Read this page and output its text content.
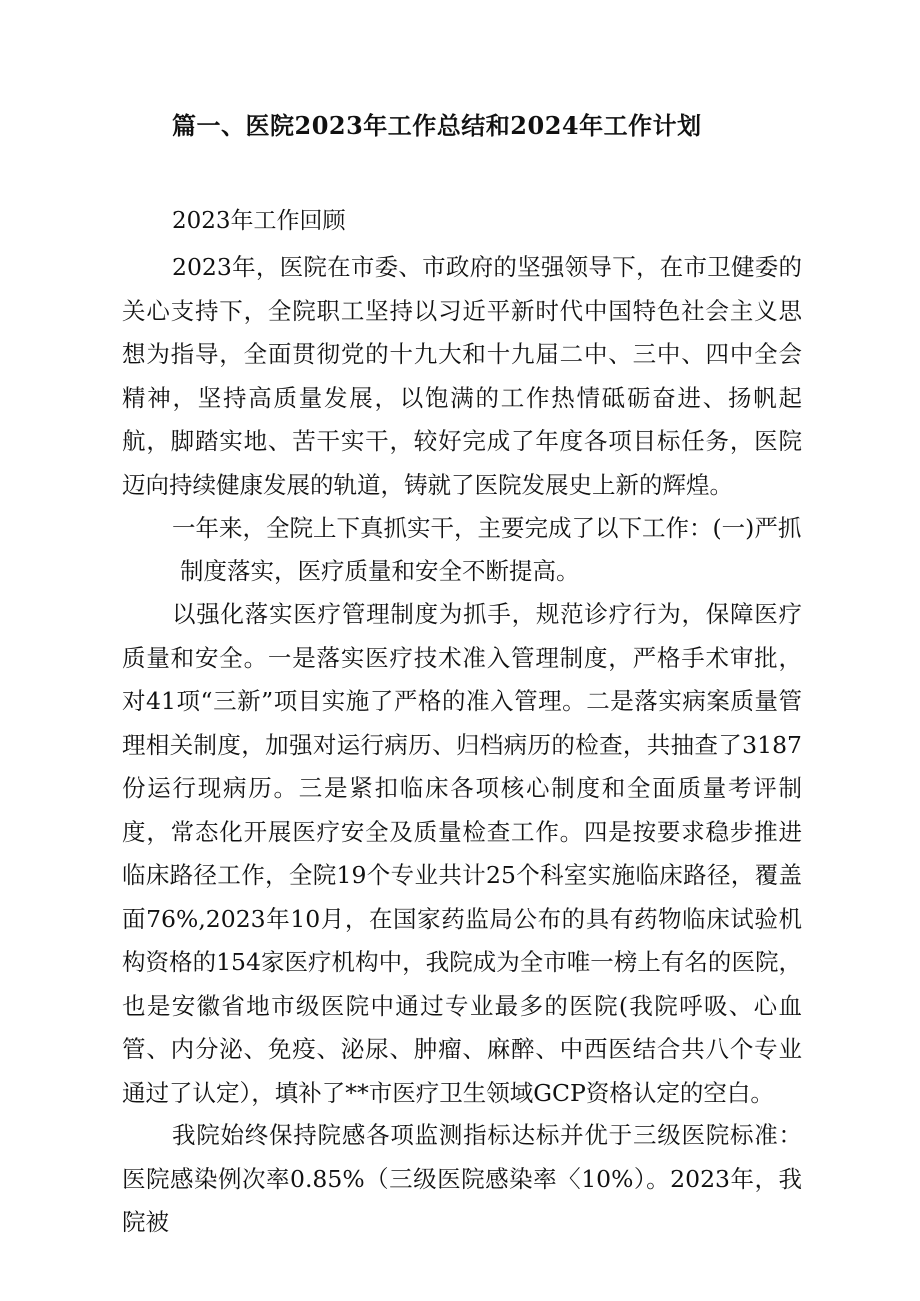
篇一、医院2023年工作总结和2024年工作计划
2023年工作回顾

2023年，医院在市委、市政府的坚强领导下，在市卫健委的关心支持下，全院职工坚持以习近平新时代中国特色社会主义思想为指导，全面贯彻党的十九大和十九届二中、三中、四中全会精神，坚持高质量发展，以饱满的工作热情砥砺奋进、扬帆起航，脚踏实地、苦干实干，较好完成了年度各项目标任务，医院迈向持续健康发展的轨道，铸就了医院发展史上新的辉煌。

一年来，全院上下真抓实干，主要完成了以下工作：(一)严抓

制度落实，医疗质量和安全不断提高。

以强化落实医疗管理制度为抓手，规范诊疗行为，保障医疗质量和安全。一是落实医疗技术准入管理制度，严格手术审批，对41项“三新”项目实施了严格的准入管理。二是落实病案质量管理相关制度，加强对运行病历、归档病历的检查，共抽查了3187份运行现病历。三是紧扣临床各项核心制度和全面质量考评制度，常态化开展医疗安全及质量检查工作。四是按要求稳步推进临床路径工作，全院19个专业共计25个科室实施临床路径，覆盖面76%,2023年10月，在国家药监局公布的具有药物临床试验机构资格的154家医疗机构中，我院成为全市唯一榜上有名的医院，也是安徽省地市级医院中通过专业最多的医院(我院呼吸、心血管、内分泌、免疫、泌尿、肿瘤、麻醉、中西医结合共八个专业通过了认定），填补了**市医疗卫生领域GCP资格认定的空白。

我院始终保持院感各项监测指标达标并优于三级医院标准：医院感染例次率0.85%（三级医院感染率〈10%）。2023年，我院被
